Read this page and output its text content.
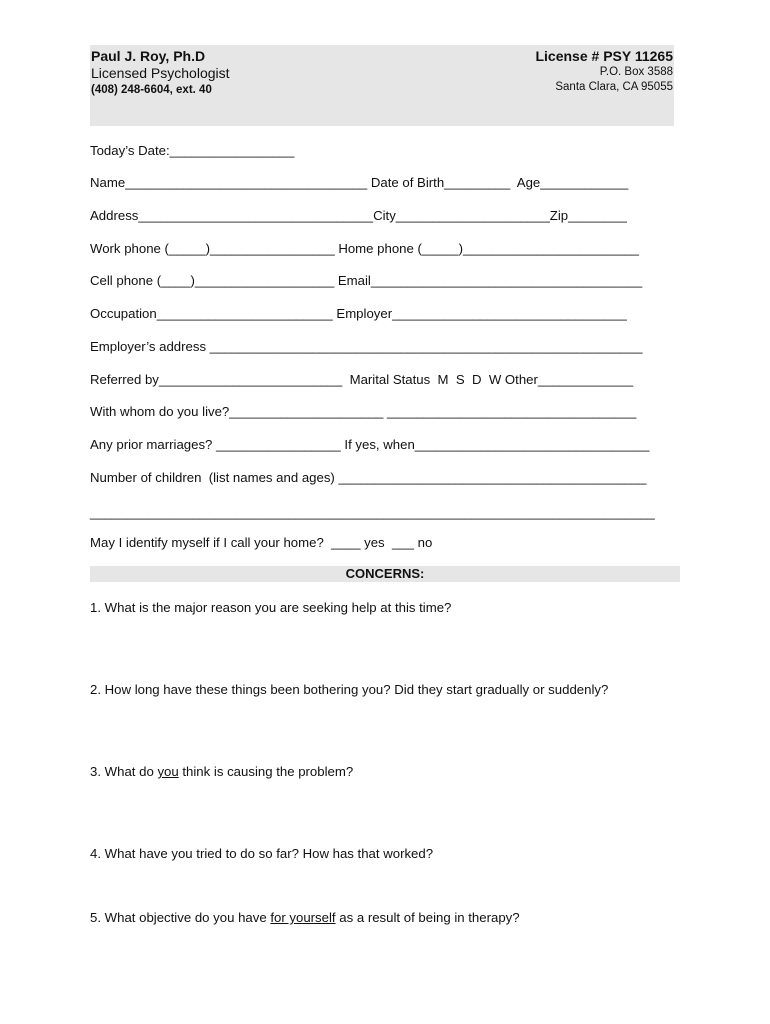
Paul J. Roy, Ph.D
Licensed Psychologist
(408) 248-6604, ext. 40
License # PSY 11265
P.O. Box 3588
Santa Clara, CA 95055
Today’s Date:_________________
Name_________________________________ Date of Birth_________  Age____________
Address________________________________City_____________________Zip________
Work phone (_____)_________________ Home phone (_____)________________________
Cell phone (____)___________________ Email_____________________________________
Occupation________________________ Employer________________________________
Employer’s address ___________________________________________________________
Referred by_________________________  Marital Status  M  S  D  W Other_____________
With whom do you live?_____________________ __________________________________
Any prior marriages? _________________ If yes, when________________________________
Number of children  (list names and ages) __________________________________________
_____________________________________________________________________________
May I identify myself if I call your home?  ____ yes  ___ no
CONCERNS:
1. What is the major reason you are seeking help at this time?
2. How long have these things been bothering you? Did they start gradually or suddenly?
3. What do you think is causing the problem?
4. What have you tried to do so far? How has that worked?
5. What objective do you have for yourself as a result of being in therapy?
